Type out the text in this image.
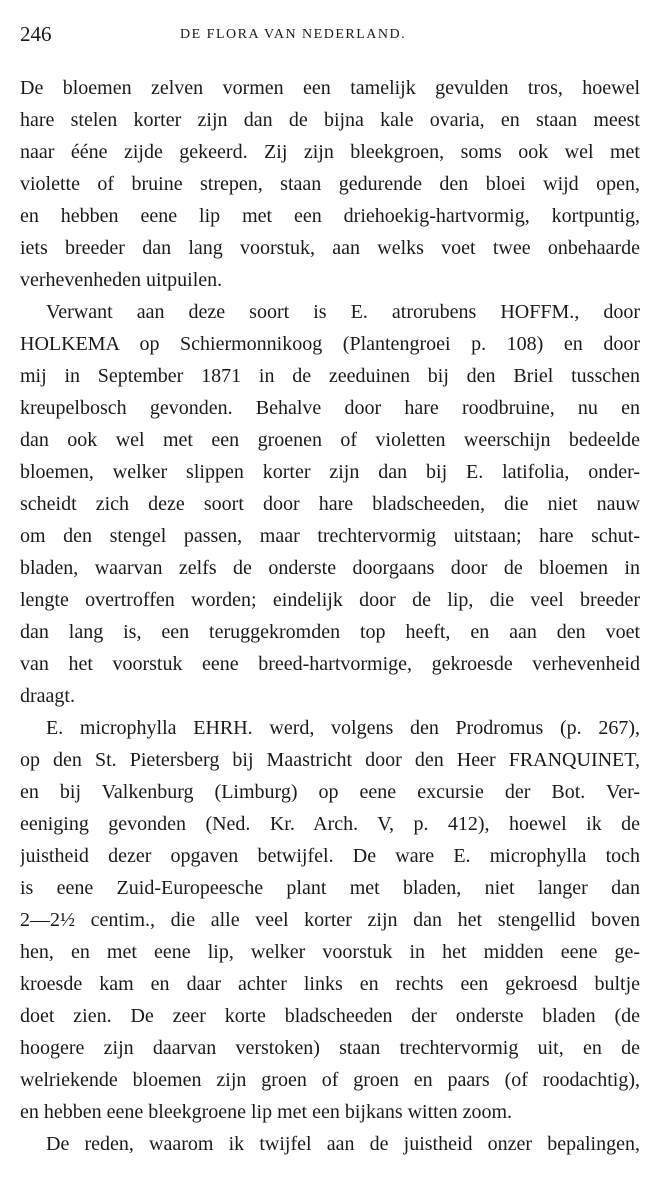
246	DE FLORA VAN NEDERLAND.
De bloemen zelven vormen een tamelijk gevulden tros, hoewel
hare stelen korter zijn dan de bijna kale ovaria, en staan meest
naar ééne zijde gekeerd. Zij zijn bleekgroen, soms ook wel met
violette of bruine strepen, staan gedurende den bloei wijd open,
en hebben eene lip met een driehoekig-hartvormig, kortpuntig,
iets breeder dan lang voorstuk, aan welks voet twee onbehaarde
verhevenheden uitpuilen.
Verwant aan deze soort is E. atrorubens HOFFM., door
HOLKEMA op Schiermonnikoog (Plantengroei p. 108) en door
mij in September 1871 in de zeeduinen bij den Briel tusschen
kreupelbosch gevonden. Behalve door hare roodbruine, nu en
dan ook wel met een groenen of violetten weerschijn bedeelde
bloemen, welker slippen korter zijn dan bij E. latifolia, onder-
scheidt zich deze soort door hare bladscheeden, die niet nauw
om den stengel passen, maar trechtervormig uitstaan; hare schut-
bladen, waarvan zelfs de onderste doorgaans door de bloemen in
lengte overtroffen worden; eindelijk door de lip, die veel breeder
dan lang is, een teruggekromden top heeft, en aan den voet
van het voorstuk eene breed-hartvormige, gekroesde verhevenheid
draagt.
E. microphylla EHRH. werd, volgens den Prodromus (p. 267),
op den St. Pietersberg bij Maastricht door den Heer FRANQUINET,
en bij Valkenburg (Limburg) op eene excursie der Bot. Ver-
eeniging gevonden (Ned. Kr. Arch. V, p. 412), hoewel ik de
juistheid dezer opgaven betwijfel. De ware E. microphylla toch
is eene Zuid-Europeesche plant met bladen, niet langer dan
2—2½ centim., die alle veel korter zijn dan het stengellid boven
hen, en met eene lip, welker voorstuk in het midden eene ge-
kroesde kam en daar achter links en rechts een gekroesd bultje
doet zien. De zeer korte bladscheeden der onderste bladen (de
hoogere zijn daarvan verstoken) staan trechtervormig uit, en de
welriekende bloemen zijn groen of groen en paars (of roodachtig),
en hebben eene bleekgroene lip met een bijkans witten zoom.
De reden, waarom ik twijfel aan de juistheid onzer bepalingen,
